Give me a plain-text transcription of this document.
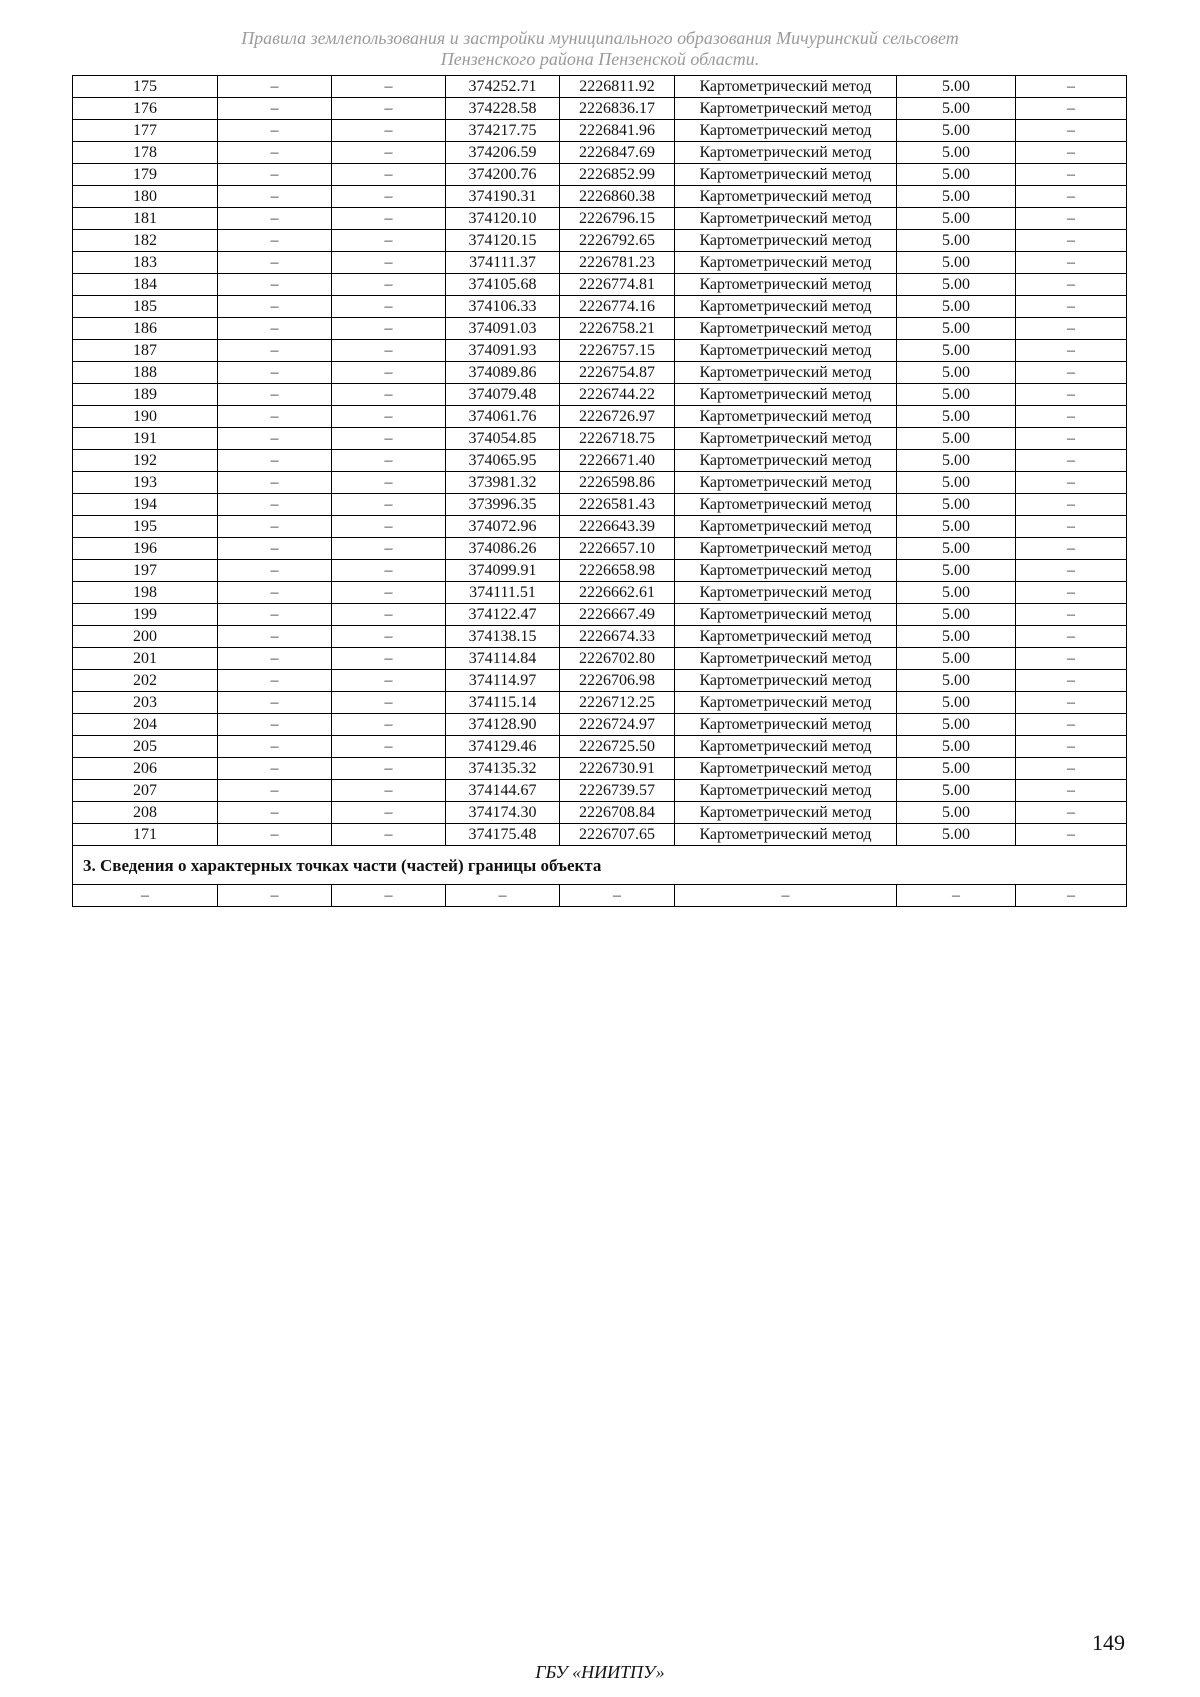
Правила землепользования и застройки муниципального образования Мичуринский сельсовет
Пензенского района Пензенской области.
175	–	–	374252.71	2226811.92	Картометрический метод	5.00	–
176	–	–	374228.58	2226836.17	Картометрический метод	5.00	–
177	–	–	374217.75	2226841.96	Картометрический метод	5.00	–
178	–	–	374206.59	2226847.69	Картометрический метод	5.00	–
179	–	–	374200.76	2226852.99	Картометрический метод	5.00	–
180	–	–	374190.31	2226860.38	Картометрический метод	5.00	–
181	–	–	374120.10	2226796.15	Картометрический метод	5.00	–
182	–	–	374120.15	2226792.65	Картометрический метод	5.00	–
183	–	–	374111.37	2226781.23	Картометрический метод	5.00	–
184	–	–	374105.68	2226774.81	Картометрический метод	5.00	–
185	–	–	374106.33	2226774.16	Картометрический метод	5.00	–
186	–	–	374091.03	2226758.21	Картометрический метод	5.00	–
187	–	–	374091.93	2226757.15	Картометрический метод	5.00	–
188	–	–	374089.86	2226754.87	Картометрический метод	5.00	–
189	–	–	374079.48	2226744.22	Картометрический метод	5.00	–
190	–	–	374061.76	2226726.97	Картометрический метод	5.00	–
191	–	–	374054.85	2226718.75	Картометрический метод	5.00	–
192	–	–	374065.95	2226671.40	Картометрический метод	5.00	–
193	–	–	373981.32	2226598.86	Картометрический метод	5.00	–
194	–	–	373996.35	2226581.43	Картометрический метод	5.00	–
195	–	–	374072.96	2226643.39	Картометрический метод	5.00	–
196	–	–	374086.26	2226657.10	Картометрический метод	5.00	–
197	–	–	374099.91	2226658.98	Картометрический метод	5.00	–
198	–	–	374111.51	2226662.61	Картометрический метод	5.00	–
199	–	–	374122.47	2226667.49	Картометрический метод	5.00	–
200	–	–	374138.15	2226674.33	Картометрический метод	5.00	–
201	–	–	374114.84	2226702.80	Картометрический метод	5.00	–
202	–	–	374114.97	2226706.98	Картометрический метод	5.00	–
203	–	–	374115.14	2226712.25	Картометрический метод	5.00	–
204	–	–	374128.90	2226724.97	Картометрический метод	5.00	–
205	–	–	374129.46	2226725.50	Картометрический метод	5.00	–
206	–	–	374135.32	2226730.91	Картометрический метод	5.00	–
207	–	–	374144.67	2226739.57	Картометрический метод	5.00	–
208	–	–	374174.30	2226708.84	Картометрический метод	5.00	–
171	–	–	374175.48	2226707.65	Картометрический метод	5.00	–
3. Сведения о характерных точках части (частей) границы объекта							
–	–	–	–	–	–	–	–
149
ГБУ «НИИТПУ»
